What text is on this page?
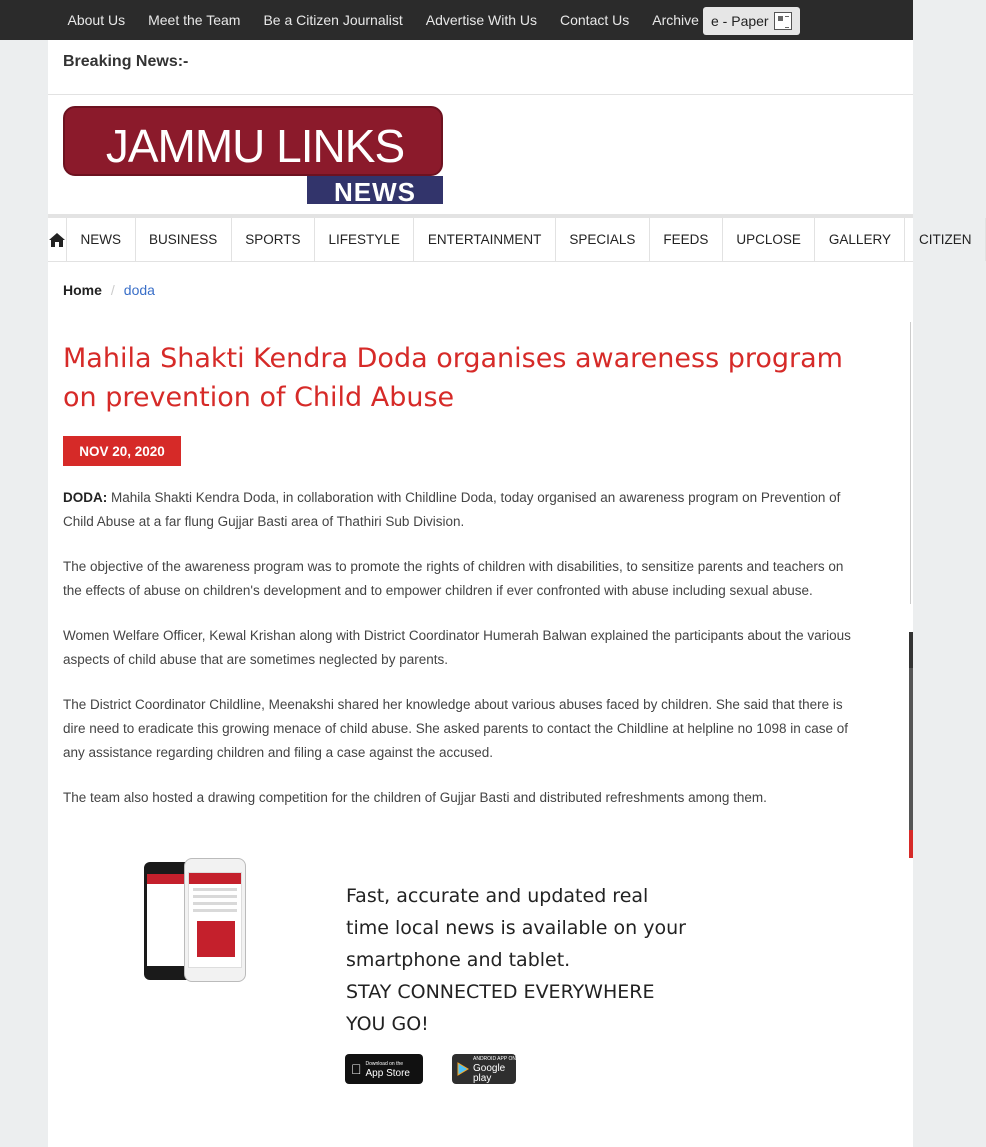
About Us	Meet the Team	Be a Citizen Journalist	Advertise With Us	Contact Us	Archive e - Paper
Breaking News:-
JAMMU LINKS
NEWS
NEWS	BUSINESS	SPORTS	LIFESTYLE	ENTERTAINMENT	SPECIALS	FEEDS	UPCLOSE	GALLERY	CITIZEN
Home / doda
Mahila Shakti Kendra Doda organises awareness program on prevention of Child Abuse
NOV 20, 2020

DODA: Mahila Shakti Kendra Doda, in collaboration with Childline Doda, today organised an awareness program on Prevention of Child Abuse at a far flung Gujjar Basti area of Thathiri Sub Division.

The objective of the awareness program was to promote the rights of children with disabilities, to sensitize parents and teachers on the effects of abuse on children's development and to empower children if ever confronted with abuse including sexual abuse.

Women Welfare Officer, Kewal Krishan along with District Coordinator Humerah Balwan explained the participants about the various aspects of child abuse that are sometimes neglected by parents.

The District Coordinator Childline, Meenakshi shared her knowledge about various abuses faced by children. She said that there is dire need to eradicate this growing menace of child abuse. She asked parents to contact the Childline at helpline no 1098 in case of any assistance regarding children and filing a case against the accused.

The team also hosted a drawing competition for the children of Gujjar Basti and distributed refreshments among them.

Fast, accurate and updated real time local news is available on your smartphone and tablet.
STAY CONNECTED EVERYWHERE YOU GO!
Download on the
App Store
ANDROID APP ON
Google play
